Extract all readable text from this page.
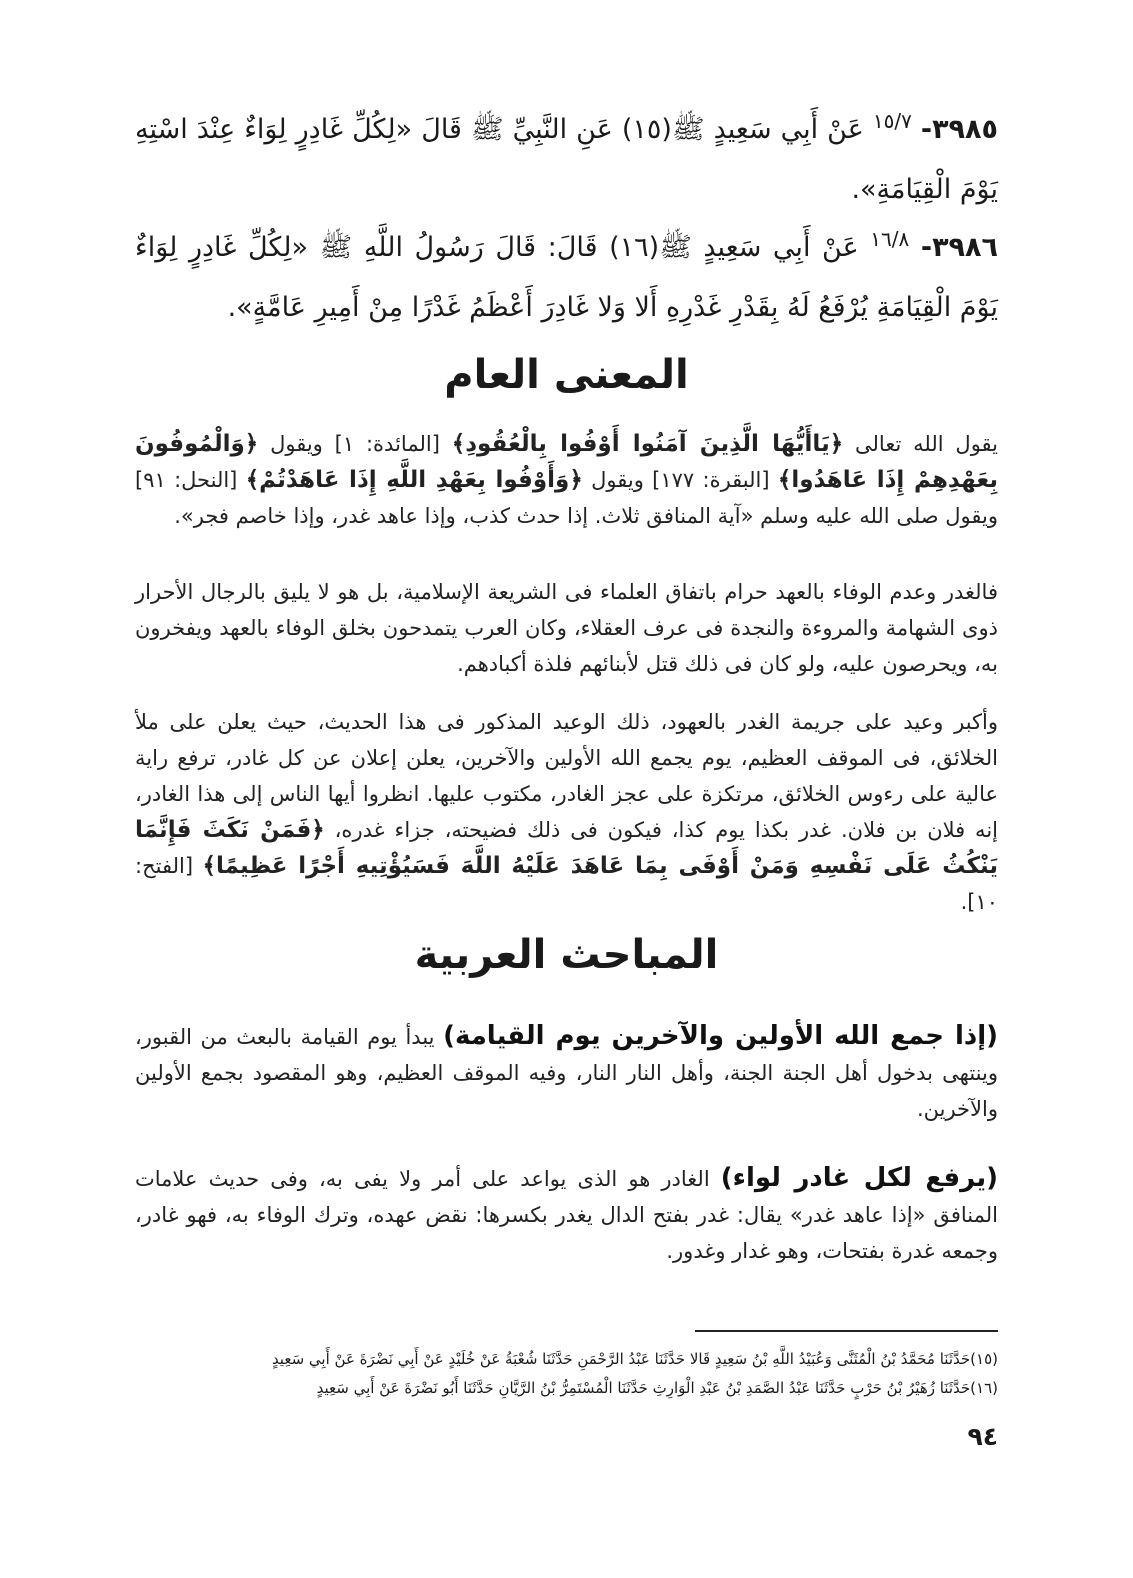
٣٩٨٥- $^{١٥/٧}$ عَنْ أَبِي سَعِيدٍ ﷺ(١٥) عَنِ النَّبِيِّ ﷺ قَالَ «لِكُلِّ غَادِرٍ لِوَاءٌ عِنْدَ اسْتِهِ يَوْمَ الْقِيَامَةِ».
٣٩٨٦- $^{١٦/٨}$ عَنْ أَبِي سَعِيدٍ ﷺ(١٦) قَالَ: قَالَ رَسُولُ اللَّهِ ﷺ «لِكُلِّ غَادِرٍ لِوَاءٌ يَوْمَ الْقِيَامَةِ يُرْفَعُ لَهُ بِقَدْرِ غَدْرِهِ أَلا وَلا غَادِرَ أَعْظَمُ غَدْرًا مِنْ أَمِيرِ عَامَّةٍ».
المعنى العام
يقول الله تعالى ﴿يَاأَيُّهَا الَّذِينَ آمَنُوا أَوْفُوا بِالْعُقُودِ﴾ [المائدة: ١] ويقول ﴿وَالْمُوفُونَ بِعَهْدِهِمْ إِذَا عَاهَدُوا﴾ [البقرة: ١٧٧] ويقول ﴿وَأَوْفُوا بِعَهْدِ اللَّهِ إِذَا عَاهَدْتُمْ﴾ [النحل: ٩١] ويقول صلى الله عليه وسلم «آية المنافق ثلاث. إذا حدث كذب، وإذا عاهد غدر، وإذا خاصم فجر».
فالغدر وعدم الوفاء بالعهد حرام باتفاق العلماء فى الشريعة الإسلامية، بل هو لا يليق بالرجال الأحرار ذوى الشهامة والمروءة والنجدة فى عرف العقلاء، وكان العرب يتمدحون بخلق الوفاء بالعهد ويفخرون به، ويحرصون عليه، ولو كان فى ذلك قتل لأبنائهم فلذة أكبادهم.
وأكبر وعيد على جريمة الغدر بالعهود، ذلك الوعيد المذكور فى هذا الحديث، حيث يعلن على ملأ الخلائق، فى الموقف العظيم، يوم يجمع الله الأولين والآخرين، يعلن إعلان عن كل غادر، ترفع راية عالية على رءوس الخلائق، مرتكزة على عجز الغادر، مكتوب عليها. انظروا أيها الناس إلى هذا الغادر، إنه فلان بن فلان. غدر بكذا يوم كذا، فيكون فى ذلك فضيحته، جزاء غدره، ﴿فَمَنْ نَكَثَ فَإِنَّمَا يَنْكُثُ عَلَى نَفْسِهِ وَمَنْ أَوْفَى بِمَا عَاهَدَ عَلَيْهُ اللَّهَ فَسَيُؤْتِيهِ أَجْرًا عَظِيمًا﴾ [الفتح: ١٠].
المباحث العربية
(إذا جمع الله الأولين والآخرين يوم القيامة) يبدأ يوم القيامة بالبعث من القبور، وينتهى بدخول أهل الجنة الجنة، وأهل النار النار، وفيه الموقف العظيم، وهو المقصود بجمع الأولين والآخرين.
(يرفع لكل غادر لواء) الغادر هو الذى يواعد على أمر ولا يفى به، وفى حديث علامات المنافق «إذا عاهد غدر» يقال: غدر بفتح الدال يغدر بكسرها: نقض عهده، وترك الوفاء به، فهو غادر، وجمعه غدرة بفتحات، وهو غدار وغدور.
(١٥)حَدَّثَنَا مُحَمَّدُ بْنُ الْمُثَنَّى وَعُبَيْدُ اللَّهِ بْنُ سَعِيدٍ قَالا حَدَّثَنَا عَبْدُ الرَّحْمَنِ حَدَّثَنَا شُعْبَةُ عَنْ خُلَيْدٍ عَنْ أَبِي نَضْرَةَ عَنْ أَبِي سَعِيدٍ
(١٦)حَدَّثَنَا زُهَيْرُ بْنُ حَرْبٍ حَدَّثَنَا عَبْدُ الصَّمَدِ بْنُ عَبْدِ الْوَارِثِ حَدَّثَنَا الْمُسْتَمِرُّ بْنُ الرَّيَّانِ حَدَّثَنَا أَبُو نَضْرَةَ عَنْ أَبِي سَعِيدٍ
٩٤
